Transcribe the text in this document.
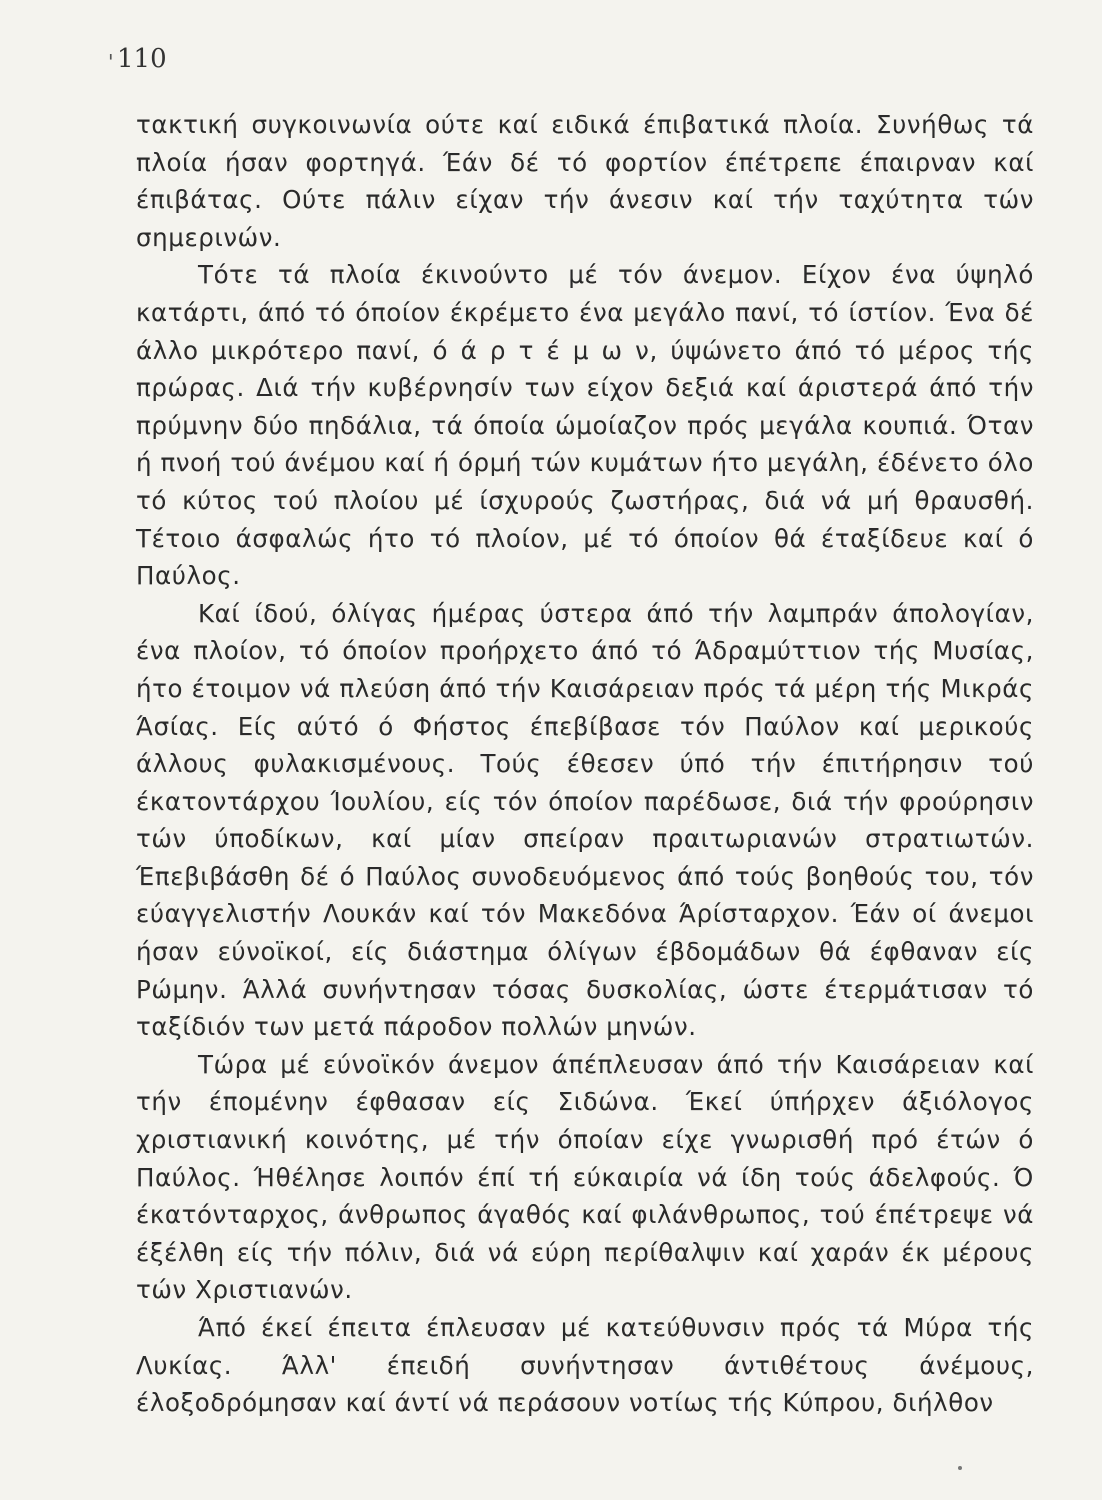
' 110

τακτική συγκοινωνία ούτε καί ειδικά έπιβατικά πλοία. Συνήθως τά πλοία ήσαν φορτηγά. Έάν δέ τό φορτίον έπέτρεπε έπαιρναν καί έπιβάτας. Ούτε πάλιν είχαν τήν άνεσιν καί τήν ταχύτητα τών σημερινών.

Τότε τά πλοία έκινούντο μέ τόν άνεμον. Είχον ένα ύψηλό κατάρτι, άπό τό όποίον έκρέμετο ένα μεγάλο πανί, τό ίστίον. Ένα δέ άλλο μικρότερο πανί, ό ά ρ τ έ μ ω ν, ύψώνετο άπό τό μέρος τής πρώρας. Διά τήν κυβέρνησίν των είχον δεξιά καί άριστερά άπό τήν πρύμνην δύο πηδάλια, τά όποία ώμοίαζον πρός μεγάλα κουπιά. Όταν ή πνοή τού άνέμου καί ή όρμή τών κυμάτων ήτο μεγάλη, έδένετο όλο τό κύτος τού πλοίου μέ ίσχυρούς ζωστήρας, διά νά μή θραυσθή. Τέτοιο άσφαλώς ήτο τό πλοίον, μέ τό όποίον θά έταξίδευε καί ό Παύλος.

Καί ίδού, όλίγας ήμέρας ύστερα άπό τήν λαμπράν άπολογίαν, ένα πλοίον, τό όποίον προήρχετο άπό τό Άδραμύττιον τής Μυσίας, ήτο έτοιμον νά πλεύση άπό τήν Καισάρειαν πρός τά μέρη τής Μικράς Άσίας. Είς αύτό ό Φήστος έπεβίβασε τόν Παύλον καί μερικούς άλλους φυλακισμένους. Τούς έθεσεν ύπό τήν έπιτήρησιν τού έκατοντάρχου Ίουλίου, είς τόν όποίον παρέδωσε, διά τήν φρούρησιν τών ύποδίκων, καί μίαν σπείραν πραιτωριανών στρατιωτών. Έπεβιβάσθη δέ ό Παύλος συνοδευόμενος άπό τούς βοηθούς του, τόν εύαγγελιστήν Λουκάν καί τόν Μακεδόνα Άρίσταρχον. Έάν οί άνεμοι ήσαν εύνοϊκοί, είς διάστημα όλίγων έβδομάδων θά έφθαναν είς Ρώμην. Άλλά συνήντησαν τόσας δυσκολίας, ώστε έτερμάτισαν τό ταξίδιόν των μετά πάροδον πολλών μηνών.

Τώρα μέ εύνοϊκόν άνεμον άπέπλευσαν άπό τήν Καισάρειαν καί τήν έπομένην έφθασαν είς Σιδώνα. Έκεί ύπήρχεν άξιόλογος χριστιανική κοινότης, μέ τήν όποίαν είχε γνωρισθή πρό έτών ό Παύλος. Ήθέλησε λοιπόν έπί τή εύκαιρία νά ίδη τούς άδελφούς. Ό έκατόνταρχος, άνθρωπος άγαθός καί φιλάνθρωπος, τού έπέτρεψε νά έξέλθη είς τήν πόλιν, διά νά εύρη περίθαλψιν καί χαράν έκ μέρους τών Χριστιανών.

Άπό έκεί έπειτα έπλευσαν μέ κατεύθυνσιν πρός τά Μύρα τής Λυκίας. Άλλ' έπειδή συνήντησαν άντιθέτους άνέμους, έλοξοδρόμησαν καί άντί νά περάσουν νοτίως τής Κύπρου, διήλθον
